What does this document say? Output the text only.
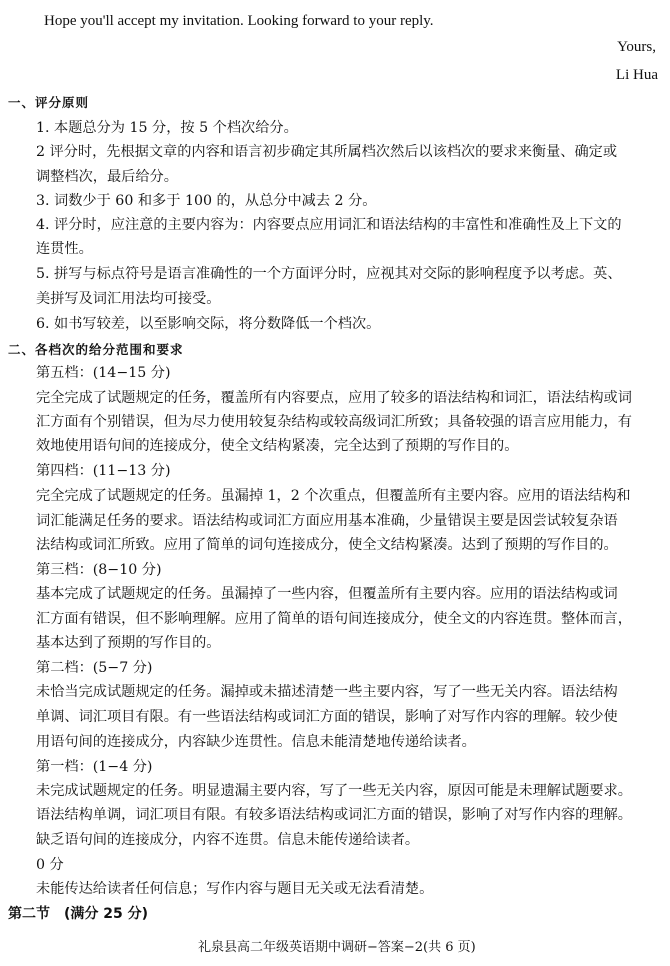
Hope you'll accept my invitation. Looking forward to your reply.
Yours,
Li Hua
一、评分原则
1. 本题总分为 15 分，按 5 个档次给分。
2 评分时，先根据文章的内容和语言初步确定其所属档次然后以该档次的要求来衡量、确定或
调整档次，最后给分。
3. 词数少于 60 和多于 100 的，从总分中减去 2 分。
4. 评分时，应注意的主要内容为：内容要点应用词汇和语法结构的丰富性和准确性及上下文的
连贯性。
5. 拼写与标点符号是语言准确性的一个方面评分时，应视其对交际的影响程度予以考虑。英、
美拼写及词汇用法均可接受。
6. 如书写较差，以至影响交际，将分数降低一个档次。
二、各档次的给分范围和要求
第五档：(14−15 分)
完全完成了试题规定的任务，覆盖所有内容要点，应用了较多的语法结构和词汇，语法结构或词
汇方面有个别错误，但为尽力使用较复杂结构或较高级词汇所致；具备较强的语言应用能力，有
效地使用语句间的连接成分，使全文结构紧凑，完全达到了预期的写作目的。
第四档：(11−13 分)
完全完成了试题规定的任务。虽漏掉 1，2 个次重点，但覆盖所有主要内容。应用的语法结构和
词汇能满足任务的要求。语法结构或词汇方面应用基本准确，少量错误主要是因尝试较复杂语
法结构或词汇所致。应用了简单的词句连接成分，使全文结构紧凑。达到了预期的写作目的。
第三档：(8−10 分)
基本完成了试题规定的任务。虽漏掉了一些内容，但覆盖所有主要内容。应用的语法结构或词
汇方面有错误，但不影响理解。应用了简单的语句间连接成分，使全文的内容连贯。整体而言，
基本达到了预期的写作目的。
第二档：(5−7 分)
未恰当完成试题规定的任务。漏掉或未描述清楚一些主要内容，写了一些无关内容。语法结构
单调、词汇项目有限。有一些语法结构或词汇方面的错误，影响了对写作内容的理解。较少使
用语句间的连接成分，内容缺少连贯性。信息未能清楚地传递给读者。
第一档：(1−4 分)
未完成试题规定的任务。明显遗漏主要内容，写了一些无关内容，原因可能是未理解试题要求。
语法结构单调，词汇项目有限。有较多语法结构或词汇方面的错误，影响了对写作内容的理解。
缺乏语句间的连接成分，内容不连贯。信息未能传递给读者。
0 分
未能传达给读者任何信息；写作内容与题目无关或无法看清楚。
第二节　(满分 25 分)
礼泉县高二年级英语期中调研−答案−2(共 6 页)
